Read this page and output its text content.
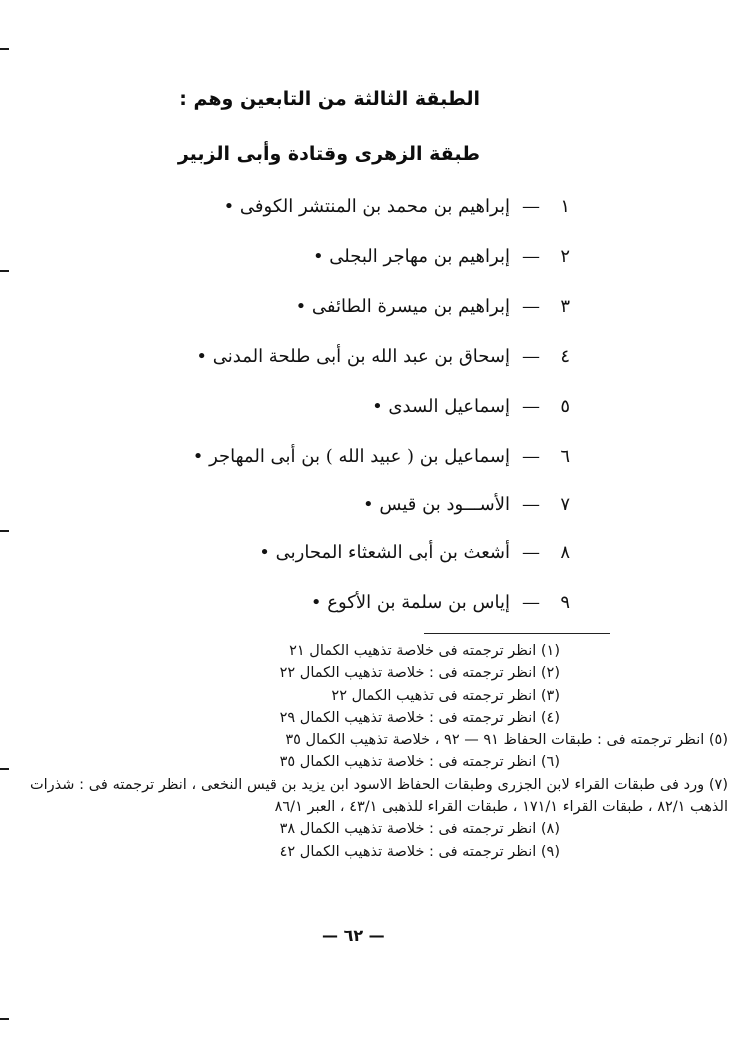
الطبقة الثالثة من التابعين وهم :
طبقة الزهرى وقتادة وأبى الزبير
١—إبراهيم بن محمد بن المنتشر الكوفى •
٢—إبراهيم بن مهاجر البجلى •
٣—إبراهيم بن ميسرة الطائفى •
٤—إسحاق بن عبد الله بن أبى طلحة المدنى •
٥—إسماعيل السدى •
٦—إسماعيل بن ( عبيد الله ) بن أبى المهاجر •
٧—الأســـود بن قيس •
٨—أشعث بن أبى الشعثاء المحاربى •
٩—إياس بن سلمة بن الأكوع •
(١) انظر ترجمته فى خلاصة تذهيب الكمال ٢١
(٢) انظر ترجمته فى : خلاصة تذهيب الكمال ٢٢
(٣) انظر ترجمته فى تذهيب الكمال ٢٢
(٤) انظر ترجمته فى : خلاصة تذهيب الكمال ٢٩
(٥) انظر ترجمته فى : طبقات الحفاظ ٩١ — ٩٢ ، خلاصة تذهيب الكمال ٣٥
(٦) انظر ترجمته فى : خلاصة تذهيب الكمال ٣٥
(٧) ورد فى طبقات القراء لابن الجزرى وطبقات الحفاظ الاسود ابن يزيد بن قيس النخعى ، انظر ترجمته فى : شذرات الذهب ٨٢/١ ، طبقات القراء ١٧١/١ ، طبقات القراء للذهبى ٤٣/١ ، العبر ٨٦/١
(٨) انظر ترجمته فى : خلاصة تذهيب الكمال ٣٨
(٩) انظر ترجمته فى : خلاصة تذهيب الكمال ٤٢
— ٦٢ —
